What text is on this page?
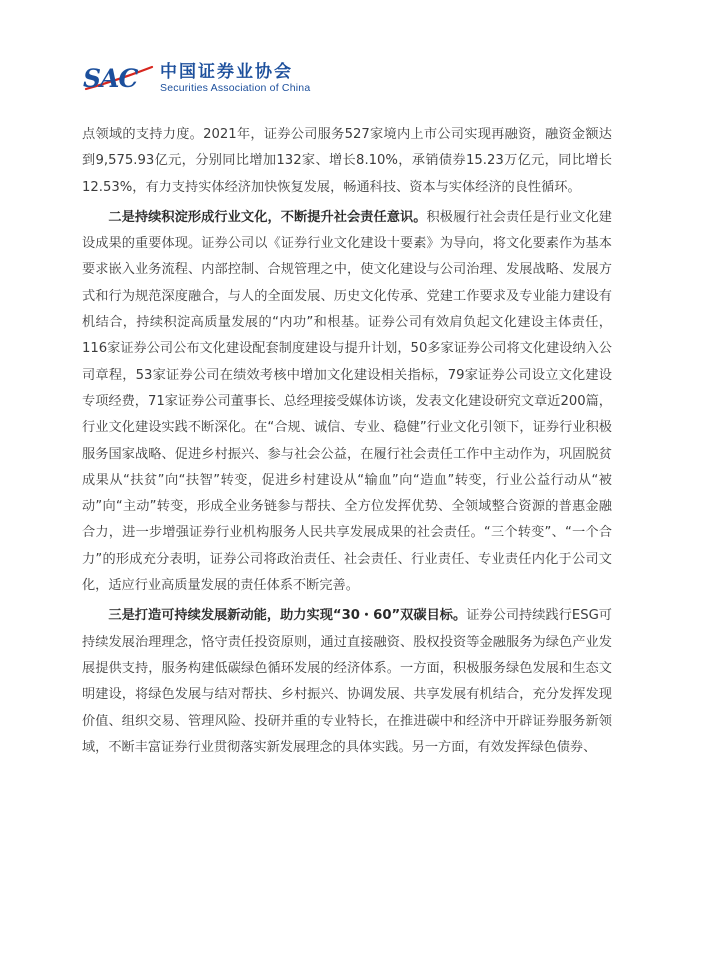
SAC 中国证券业协会
Securities Association of China

点领域的支持力度。2021年，证券公司服务527家境内上市公司实现再融资，融资金额达到9,575.93亿元，分别同比增加132家、增长8.10%，承销债券15.23万亿元，同比增长12.53%，有力支持实体经济加快恢复发展，畅通科技、资本与实体经济的良性循环。

二是持续积淀形成行业文化，不断提升社会责任意识。积极履行社会责任是行业文化建设成果的重要体现。证券公司以《证券行业文化建设十要素》为导向，将文化要素作为基本要求嵌入业务流程、内部控制、合规管理之中，使文化建设与公司治理、发展战略、发展方式和行为规范深度融合，与人的全面发展、历史文化传承、党建工作要求及专业能力建设有机结合，持续积淀高质量发展的“内功”和根基。证券公司有效肩负起文化建设主体责任，116家证券公司公布文化建设配套制度建设与提升计划，50多家证券公司将文化建设纳入公司章程，53家证券公司在绩效考核中增加文化建设相关指标，79家证券公司设立文化建设专项经费，71家证券公司董事长、总经理接受媒体访谈，发表文化建设研究文章近200篇，行业文化建设实践不断深化。在“合规、诚信、专业、稳健”行业文化引领下，证券行业积极服务国家战略、促进乡村振兴、参与社会公益，在履行社会责任工作中主动作为，巩固脱贫成果从“扶贫”向“扶智”转变，促进乡村建设从“输血”向“造血”转变，行业公益行动从“被动”向“主动”转变，形成全业务链参与帮扶、全方位发挥优势、全领域整合资源的普惠金融合力，进一步增强证券行业机构服务人民共享发展成果的社会责任。“三个转变”、“一个合力”的形成充分表明，证券公司将政治责任、社会责任、行业责任、专业责任内化于公司文化，适应行业高质量发展的责任体系不断完善。

三是打造可持续发展新动能，助力实现“30・60”双碳目标。证券公司持续践行ESG可持续发展治理理念，恪守责任投资原则，通过直接融资、股权投资等金融服务为绿色产业发展提供支持，服务构建低碳绿色循环发展的经济体系。一方面，积极服务绿色发展和生态文明建设，将绿色发展与结对帮扶、乡村振兴、协调发展、共享发展有机结合，充分发挥发现价值、组织交易、管理风险、投研并重的专业特长，在推进碳中和经济中开辟证券服务新领域，不断丰富证券行业贯彻落实新发展理念的具体实践。另一方面，有效发挥绿色债券、
